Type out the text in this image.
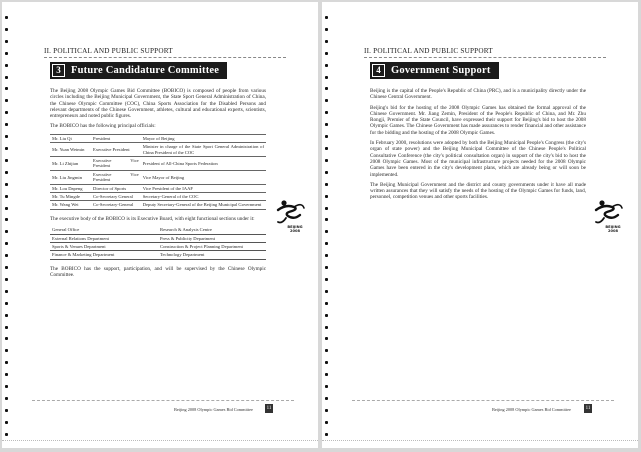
II. POLITICAL AND PUBLIC SUPPORT
3 Future Candidature Committee

The Beijing 2008 Olympic Games Bid Committee (BOBICO) is composed of people from various circles including the Beijing Municipal Government, the State Sport General Administration of China, the Chinese Olympic Committee (COC), China Sports Association for the Disabled Persons and relevant departments of the Chinese Government, athletes, cultural and educational experts, scientists, entrepreneurs and noted public figures.

The BOBICO has the following principal officials:

Mr. Liu Qi	President	Mayor of Beijing
Mr. Yuan Weimin	Executive President	Minister in charge of the State Sport General Administration of China President of the COC
Mr. Li Zhijian	Executive Vice President	President of All-China Sports Federation
Mr. Liu Jingmin	Executive Vice President	Vice Mayor of Beijing
Mr. Lou Dapeng	Director of Sports	Vice President of the IAAF
Mr. Tu Mingde	Co-Secretary General	Secretary-General of the COC
Mr. Wang Wei	Co-Secretary-General	Deputy Secretary-General of the Beijing Municipal Government

The executive body of the BOBICO is its Executive Board, with eight functional sections under it:

General Office	Research & Analysis Centre
External Relations Department	Press & Publicity Department
Sports & Venues Department	Construction & Project Planning Department
Finance & Marketing Department	Technology Department

The BOBICO has the support, participation, and will be supervised by the Chinese Olympic Committee.

BEIJING 2008
Beijing 2008 Olympic Games Bid Committee	11
II. POLITICAL AND PUBLIC SUPPORT
4 Government Support

Beijing is the capital of the People's Republic of China (PRC), and is a municipality directly under the Chinese Central Government.

Beijing's bid for the hosting of the 2008 Olympic Games has obtained the formal approval of the Chinese Government. Mr. Jiang Zemin, President of the People's Republic of China, and Mr. Zhu Rongji, Premier of the State Council, have expressed their support for Beijing's bid to host the 2008 Olympic Games. The Chinese Government has made assurances to render financial and other assistance for the bidding and the hosting of the 2008 Olympic Games.

In February 2000, resolutions were adopted by both the Beijing Municipal People's Congress (the city's organ of state power) and the Beijing Municipal Committee of the Chinese People's Political Consultative Conference (the city's political consultation organ) in support of the city's bid to host the 2008 Olympic Games. Most of the municipal infrastructure projects needed for the 2008 Olympic Games have been entered in the city's development plans, which are already being or will soon be implemented.

The Beijing Municipal Government and the district and county governments under it have all made written assurances that they will satisfy the needs of the hosting of the Olympic Games for funds, land, personnel, competition venues and other sports facilities.

BEIJING 2008
Beijing 2008 Olympic Games Bid Committee	11
